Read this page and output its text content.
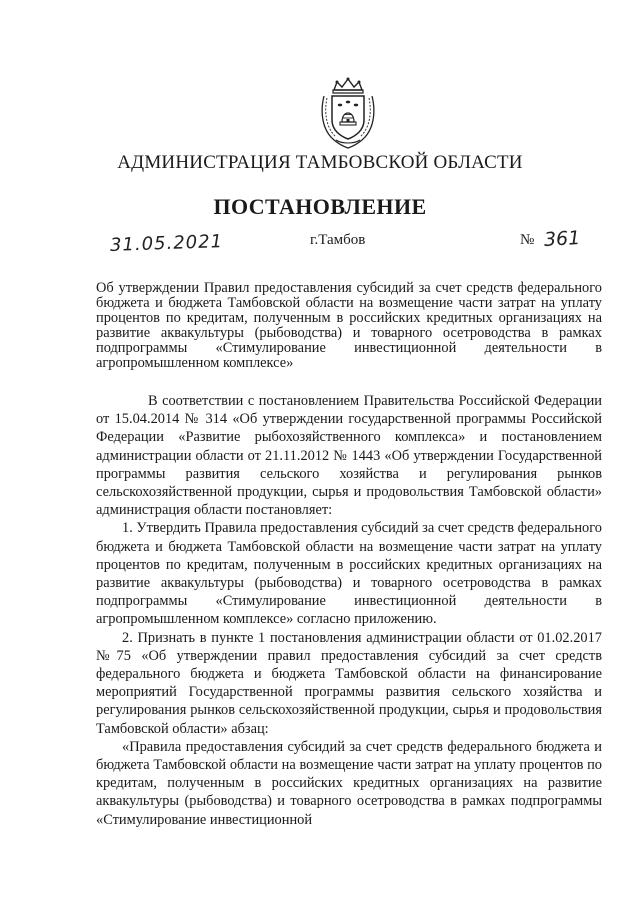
АДМИНИСТРАЦИЯ ТАМБОВСКОЙ ОБЛАСТИ
ПОСТАНОВЛЕНИЕ
31.05.2021	г.Тамбов	№ 361
Об утверждении Правил предоставления субсидий за счет средств федерального бюджета и бюджета Тамбовской области на возмещение части затрат на уплату процентов по кредитам, полученным в российских кредитных организациях на развитие аквакультуры (рыбоводства) и товарного осетроводства в рамках подпрограммы «Стимулирование инвестиционной деятельности в агропромышленном комплексе»

В соответствии с постановлением Правительства Российской Федерации от 15.04.2014 № 314 «Об утверждении государственной программы Российской Федерации «Развитие рыбохозяйственного комплекса» и постановлением администрации области от 21.11.2012 № 1443 «Об утверждении Государственной программы развития сельского хозяйства и регулирования рынков сельскохозяйственной продукции, сырья и продовольствия Тамбовской области» администрация области постановляет:

1. Утвердить Правила предоставления субсидий за счет средств федерального бюджета и бюджета Тамбовской области на возмещение части затрат на уплату процентов по кредитам, полученным в российских кредитных организациях на развитие аквакультуры (рыбоводства) и товарного осетроводства в рамках подпрограммы «Стимулирование инвестиционной деятельности в агропромышленном комплексе» согласно приложению.

2. Признать в пункте 1 постановления администрации области от 01.02.2017 №75 «Об утверждении правил предоставления субсидий за счет средств федерального бюджета и бюджета Тамбовской области на финансирование мероприятий Государственной программы развития сельского хозяйства и регулирования рынков сельскохозяйственной продукции, сырья и продовольствия Тамбовской области» абзац:

«Правила предоставления субсидий за счет средств федерального бюджета и бюджета Тамбовской области на возмещение части затрат на уплату процентов по кредитам, полученным в российских кредитных организациях на развитие аквакультуры (рыбоводства) и товарного осетроводства в рамках подпрограммы «Стимулирование инвестиционной
